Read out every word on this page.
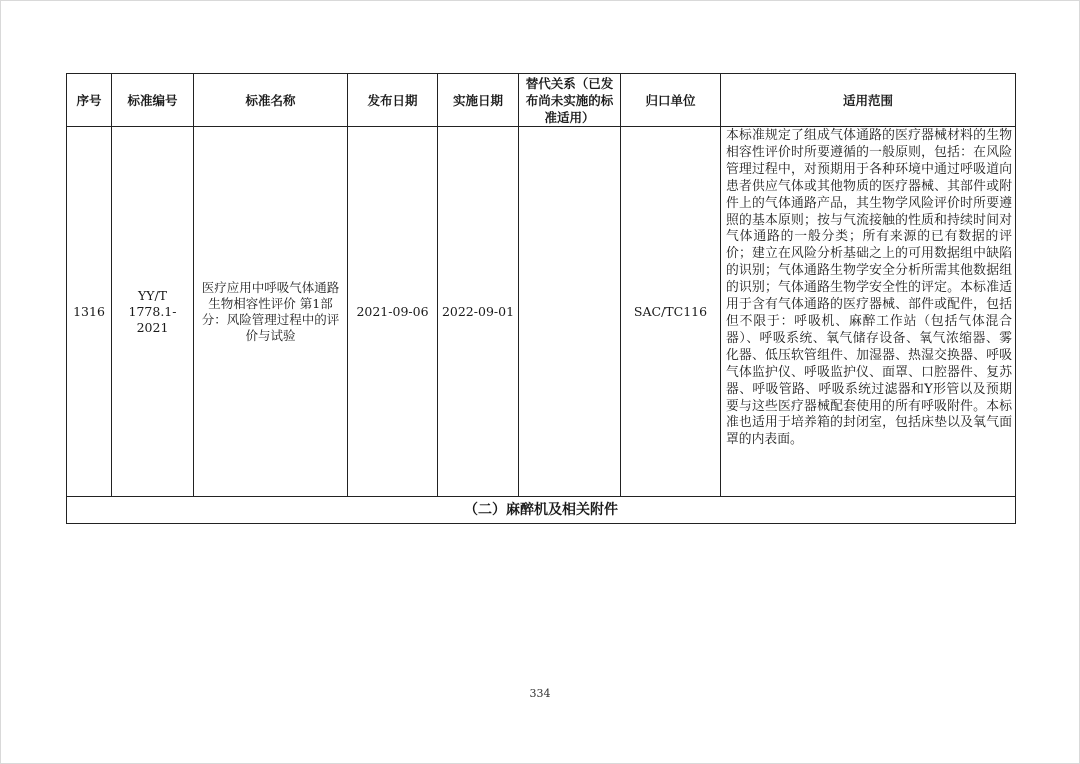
序号	标准编号	标准名称	发布日期	实施日期	替代关系（已发布尚未实施的标准适用）	归口单位	适用范围
1316	YY/T 1778.1-2021	医疗应用中呼吸气体通路生物相容性评价 第1部分：风险管理过程中的评价与试验	2021-09-06	2022-09-01		SAC/TC116	本标准规定了组成气体通路的医疗器械材料的生物相容性评价时所要遵循的一般原则，包括：在风险管理过程中，对预期用于各种环境中通过呼吸道向患者供应气体或其他物质的医疗器械、其部件或附件上的气体通路产品，其生物学风险评价时所要遵照的基本原则；按与气流接触的性质和持续时间对气体通路的一般分类；所有来源的已有数据的评价；建立在风险分析基础之上的可用数据组中缺陷的识别；气体通路生物学安全分析所需其他数据组的识别；气体通路生物学安全性的评定。本标准适用于含有气体通路的医疗器械、部件或配件，包括但不限于：呼吸机、麻醉工作站（包括气体混合器）、呼吸系统、氧气储存设备、氧气浓缩器、雾化器、低压软管组件、加湿器、热湿交换器、呼吸气体监护仪、呼吸监护仪、面罩、口腔器件、复苏器、呼吸管路、呼吸系统过滤器和Y形管以及预期要与这些医疗器械配套使用的所有呼吸附件。本标准也适用于培养箱的封闭室，包括床垫以及氧气面罩的内表面。
（二）麻醉机及相关附件							
334
